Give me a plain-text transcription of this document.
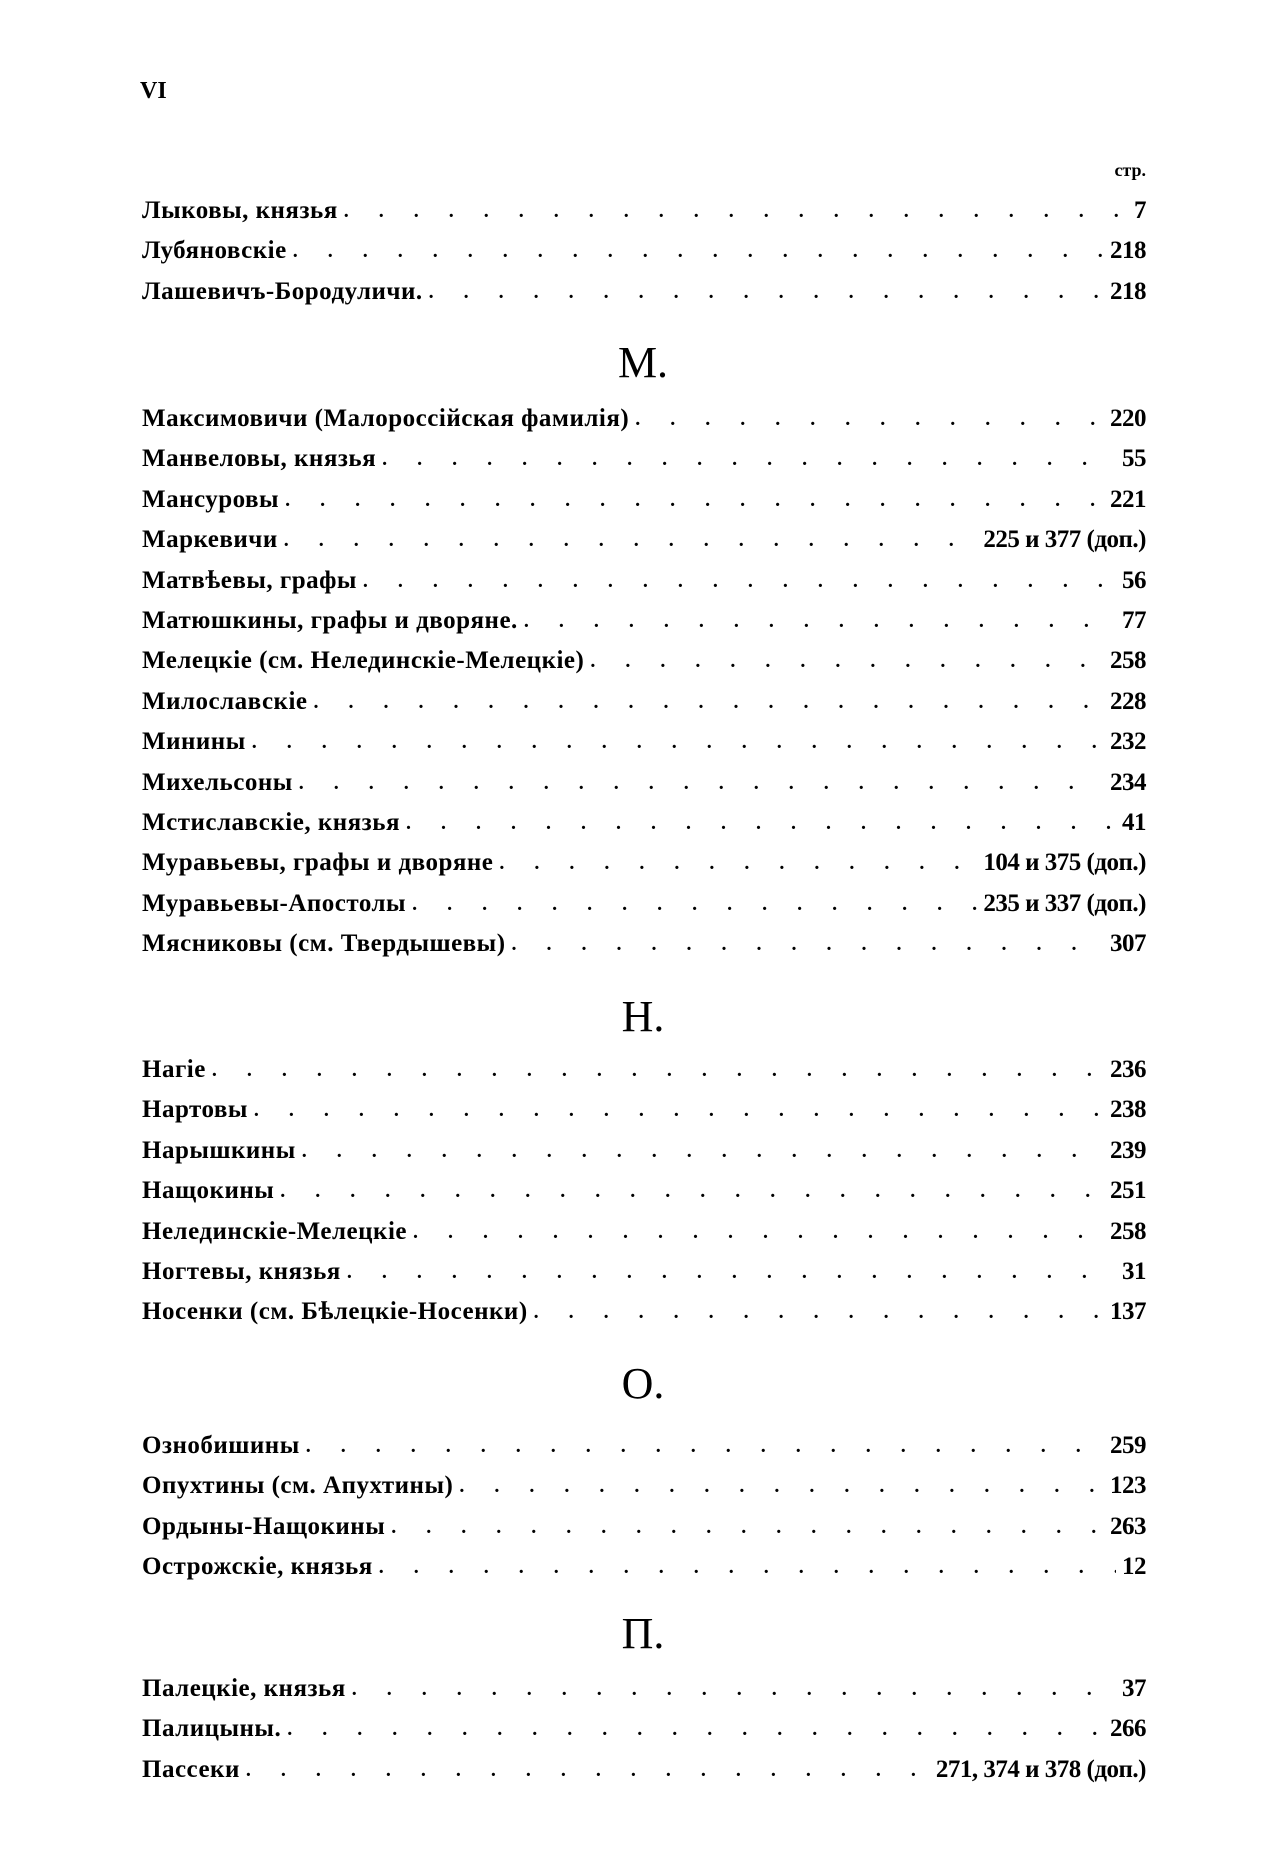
VI
стр.
Лыковы, князья . . .	7
Лубяновскіе . . .	218
Лашевичъ-Бородуличи. . . .	218
М.
Максимовичи (Малороссійская фамилія) . . .	220
Манвеловы, князья . . .	55
Мансуровы . . .	221
Маркевичи . . .	225 и 377 (доп.)
Матвѣевы, графы . . .	56
Матюшкины, графы и дворяне. . . .	77
Мелецкіе (см. Нелединскіе-Мелецкіе) . . .	258
Милославскіе . . .	228
Минины . . .	232
Михельсоны . . .	234
Мстиславскіе, князья . . .	41
Муравьевы, графы и дворяне . . .	104 и 375 (доп.)
Муравьевы-Апостолы . . .	235 и 337 (доп.)
Мясниковы (см. Твердышевы) . . .	307
Н.
Нагіе . . .	236
Нартовы . . .	238
Нарышкины . . .	239
Нащокины . . .	251
Нелединскіе-Мелецкіе . . .	258
Ногтевы, князья . . .	31
Носенки (см. Бѣлецкіе-Носенки) . . .	137
О.
Ознобишины . . .	259
Опухтины (см. Апухтины) . . .	123
Ордыны-Нащокины . . .	263
Острожскіе, князья . . .	12
П.
Палецкіе, князья . . .	37
Палицыны. . . .	266
Пассеки . . .	271, 374 и 378 (доп.)
